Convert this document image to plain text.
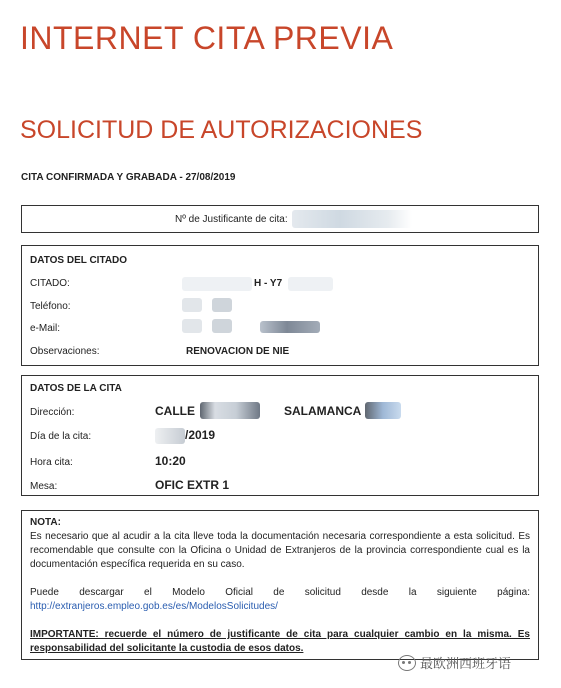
INTERNET CITA PREVIA
SOLICITUD DE AUTORIZACIONES
CITA CONFIRMADA Y GRABADA - 27/08/2019
Nº de Justificante de cita:
DATOS DEL CITADO
CITADO:	H - Y7
Teléfono:
e-Mail:
Observaciones:	RENOVACION DE NIE
DATOS DE LA CITA
Dirección:	CALLE	SALAMANCA
Día de la cita:	/2019
Hora cita:	10:20
Mesa:	OFIC EXTR 1
NOTA:
Es necesario que al acudir a la cita lleve toda la documentación necesaria correspondiente a esta solicitud. Es recomendable que consulte con la Oficina o Unidad de Extranjeros de la provincia correspondiente cual es la documentación específica requerida en su caso.
Puede descargar el Modelo Oficial de solicitud desde la siguiente página:
http://extranjeros.empleo.gob.es/es/ModelosSolicitudes/
IMPORTANTE: recuerde el número de justificante de cita para cualquier cambio en la misma. Es responsabilidad del solicitante la custodia de esos datos.
最欧洲西班牙语
